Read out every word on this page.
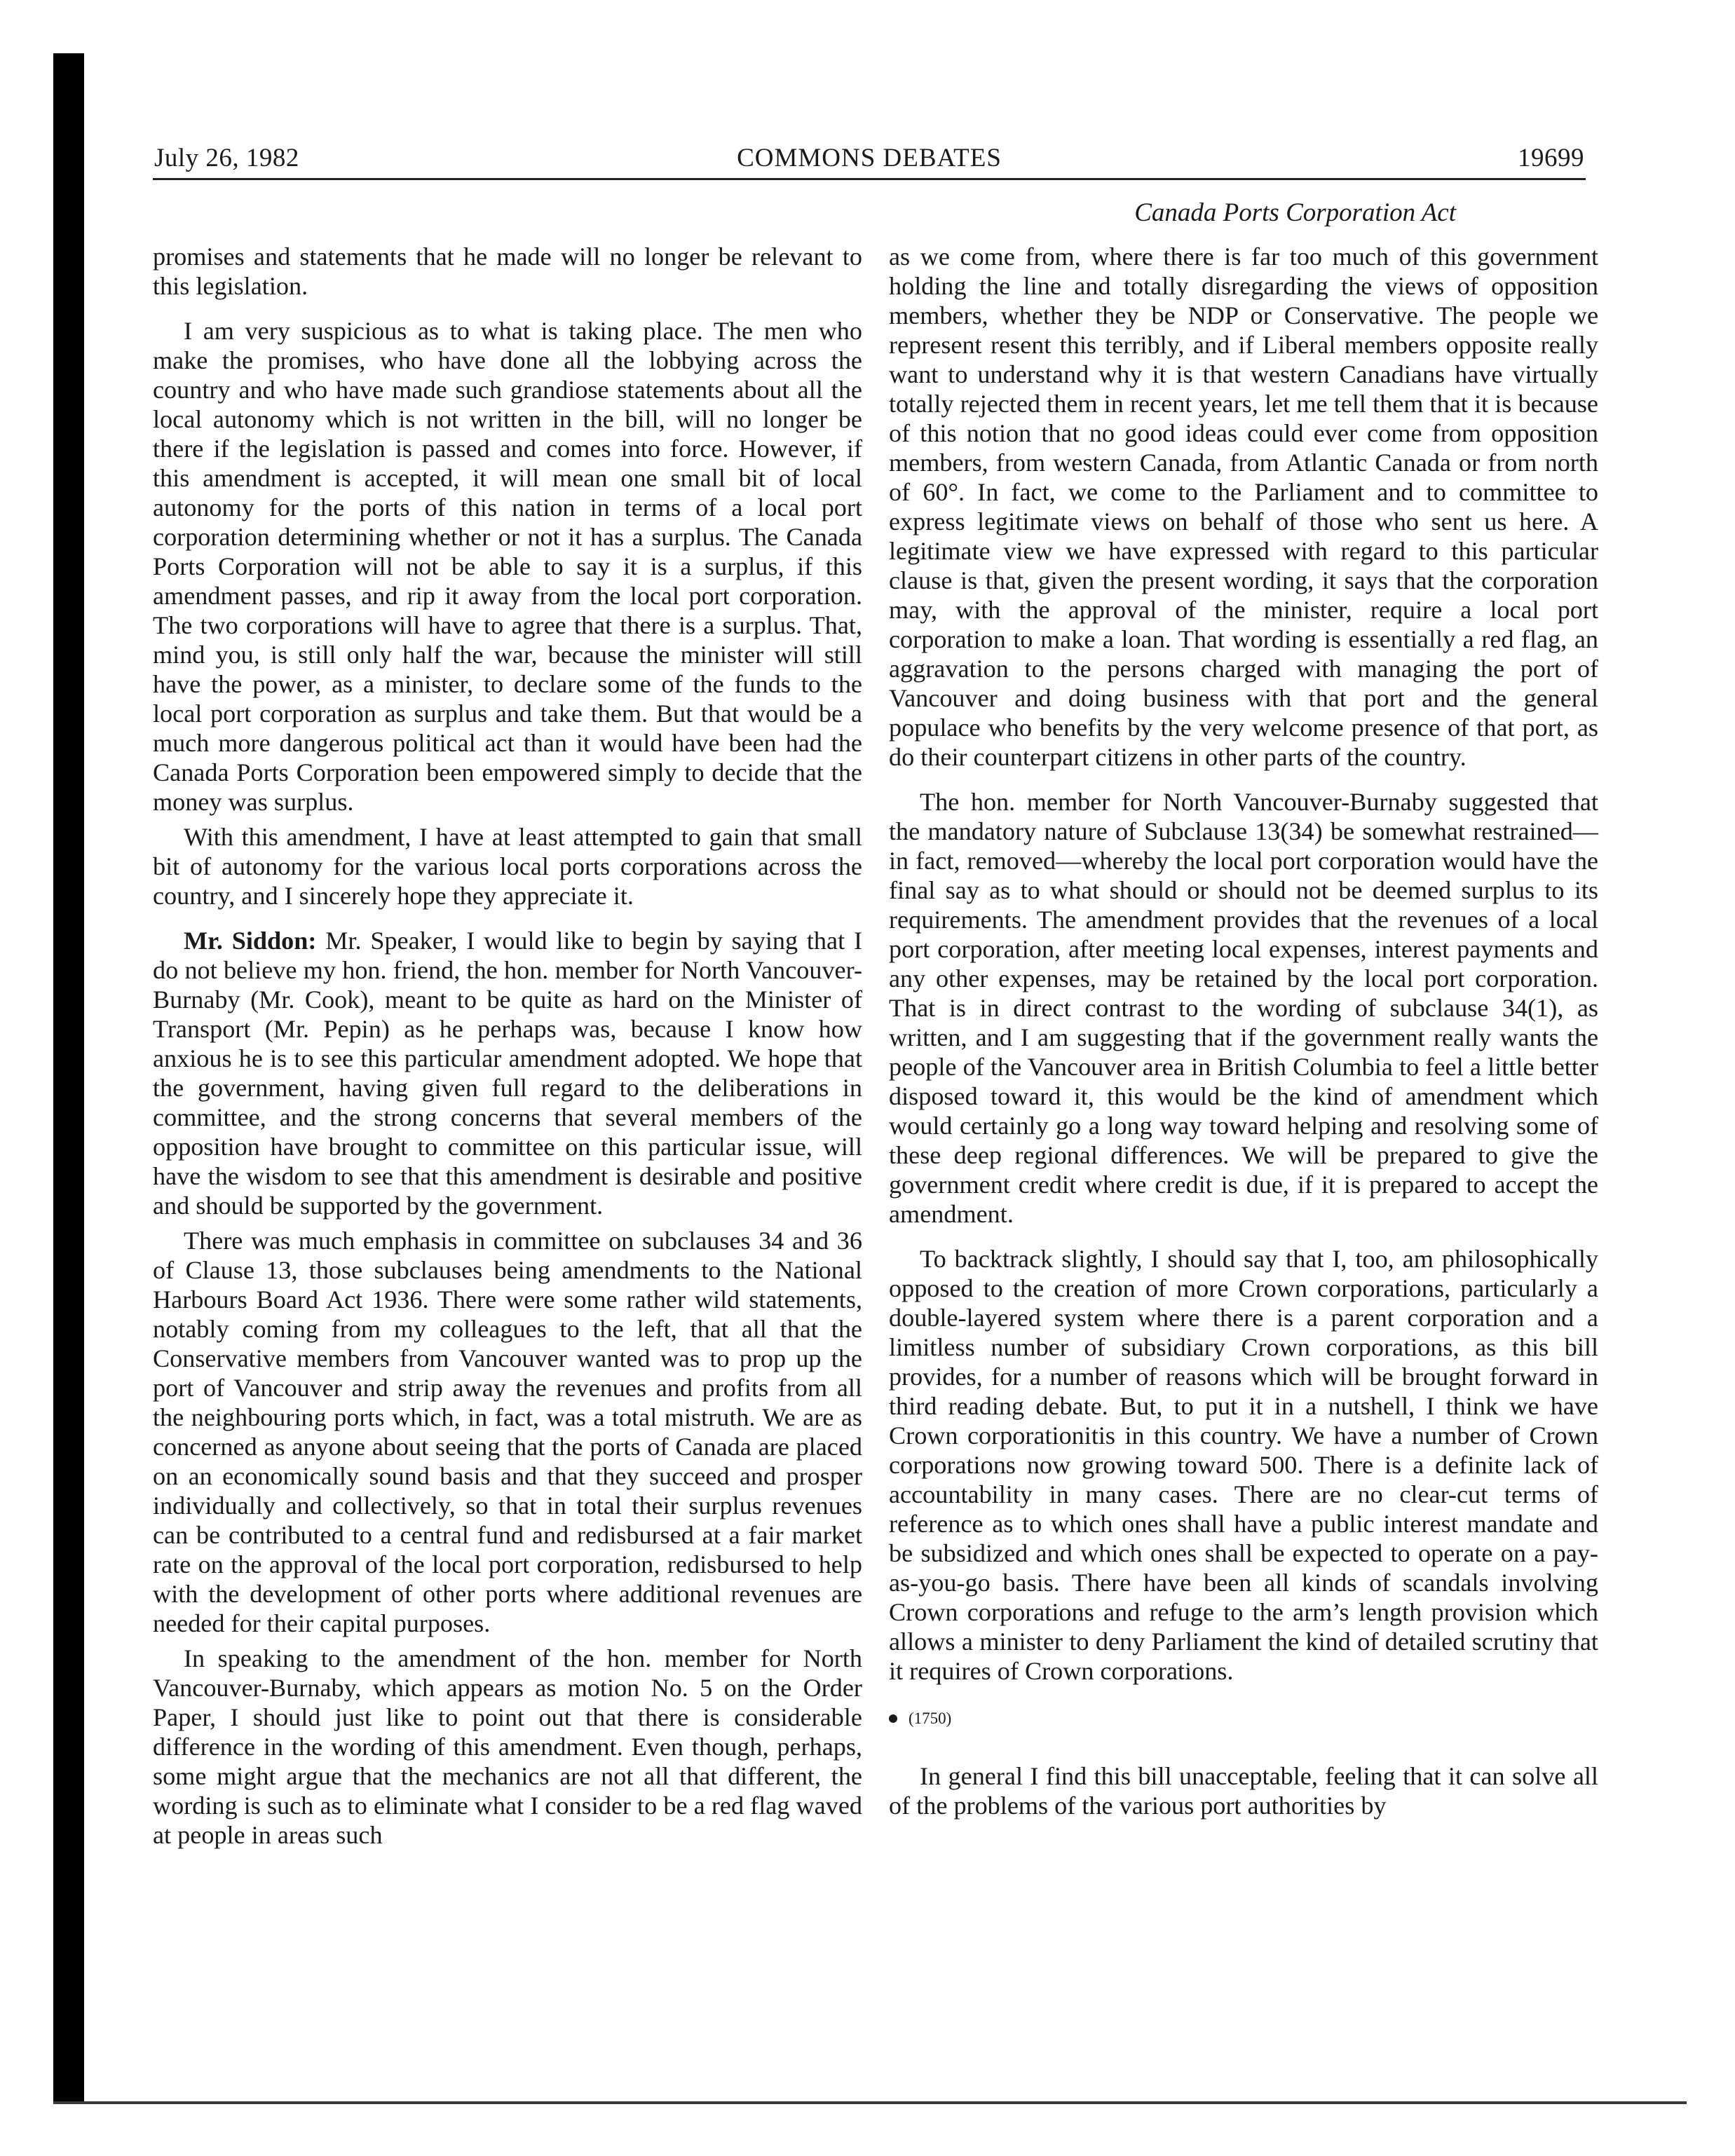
July 26, 1982	COMMONS DEBATES	19699
Canada Ports Corporation Act

promises and statements that he made will no longer be relevant to this legislation.

I am very suspicious as to what is taking place. The men who make the promises, who have done all the lobbying across the country and who have made such grandiose statements about all the local autonomy which is not written in the bill, will no longer be there if the legislation is passed and comes into force. However, if this amendment is accepted, it will mean one small bit of local autonomy for the ports of this nation in terms of a local port corporation determining whether or not it has a surplus. The Canada Ports Corporation will not be able to say it is a surplus, if this amendment passes, and rip it away from the local port corporation. The two corporations will have to agree that there is a surplus. That, mind you, is still only half the war, because the minister will still have the power, as a minister, to declare some of the funds to the local port corporation as surplus and take them. But that would be a much more dangerous political act than it would have been had the Canada Ports Corporation been empowered simply to decide that the money was surplus.

With this amendment, I have at least attempted to gain that small bit of autonomy for the various local ports corporations across the country, and I sincerely hope they appreciate it.

Mr. Siddon: Mr. Speaker, I would like to begin by saying that I do not believe my hon. friend, the hon. member for North Vancouver-Burnaby (Mr. Cook), meant to be quite as hard on the Minister of Transport (Mr. Pepin) as he perhaps was, because I know how anxious he is to see this particular amendment adopted. We hope that the government, having given full regard to the deliberations in committee, and the strong concerns that several members of the opposition have brought to committee on this particular issue, will have the wisdom to see that this amendment is desirable and positive and should be supported by the government.

There was much emphasis in committee on subclauses 34 and 36 of Clause 13, those subclauses being amendments to the National Harbours Board Act 1936. There were some rather wild statements, notably coming from my colleagues to the left, that all that the Conservative members from Vancouver wanted was to prop up the port of Vancouver and strip away the revenues and profits from all the neighbouring ports which, in fact, was a total mistruth. We are as concerned as anyone about seeing that the ports of Canada are placed on an economically sound basis and that they succeed and prosper individually and collectively, so that in total their surplus revenues can be contributed to a central fund and redisbursed at a fair market rate on the approval of the local port corporation, redisbursed to help with the development of other ports where additional revenues are needed for their capital purposes.

In speaking to the amendment of the hon. member for North Vancouver-Burnaby, which appears as motion No. 5 on the Order Paper, I should just like to point out that there is considerable difference in the wording of this amendment. Even though, perhaps, some might argue that the mechanics are not all that different, the wording is such as to eliminate what I consider to be a red flag waved at people in areas such

as we come from, where there is far too much of this government holding the line and totally disregarding the views of opposition members, whether they be NDP or Conservative. The people we represent resent this terribly, and if Liberal members opposite really want to understand why it is that western Canadians have virtually totally rejected them in recent years, let me tell them that it is because of this notion that no good ideas could ever come from opposition members, from western Canada, from Atlantic Canada or from north of 60°. In fact, we come to the Parliament and to committee to express legitimate views on behalf of those who sent us here. A legitimate view we have expressed with regard to this particular clause is that, given the present wording, it says that the corporation may, with the approval of the minister, require a local port corporation to make a loan. That wording is essentially a red flag, an aggravation to the persons charged with managing the port of Vancouver and doing business with that port and the general populace who benefits by the very welcome presence of that port, as do their counterpart citizens in other parts of the country.

The hon. member for North Vancouver-Burnaby suggested that the mandatory nature of Subclause 13(34) be somewhat restrained—in fact, removed—whereby the local port corporation would have the final say as to what should or should not be deemed surplus to its requirements. The amendment provides that the revenues of a local port corporation, after meeting local expenses, interest payments and any other expenses, may be retained by the local port corporation. That is in direct contrast to the wording of subclause 34(1), as written, and I am suggesting that if the government really wants the people of the Vancouver area in British Columbia to feel a little better disposed toward it, this would be the kind of amendment which would certainly go a long way toward helping and resolving some of these deep regional differences. We will be prepared to give the government credit where credit is due, if it is prepared to accept the amendment.

To backtrack slightly, I should say that I, too, am philosophically opposed to the creation of more Crown corporations, particularly a double-layered system where there is a parent corporation and a limitless number of subsidiary Crown corporations, as this bill provides, for a number of reasons which will be brought forward in third reading debate. But, to put it in a nutshell, I think we have Crown corporationitis in this country. We have a number of Crown corporations now growing toward 500. There is a definite lack of accountability in many cases. There are no clear-cut terms of reference as to which ones shall have a public interest mandate and be subsidized and which ones shall be expected to operate on a pay-as-you-go basis. There have been all kinds of scandals involving Crown corporations and refuge to the arm’s length provision which allows a minister to deny Parliament the kind of detailed scrutiny that it requires of Crown corporations.

(1750)

In general I find this bill unacceptable, feeling that it can solve all of the problems of the various port authorities by
